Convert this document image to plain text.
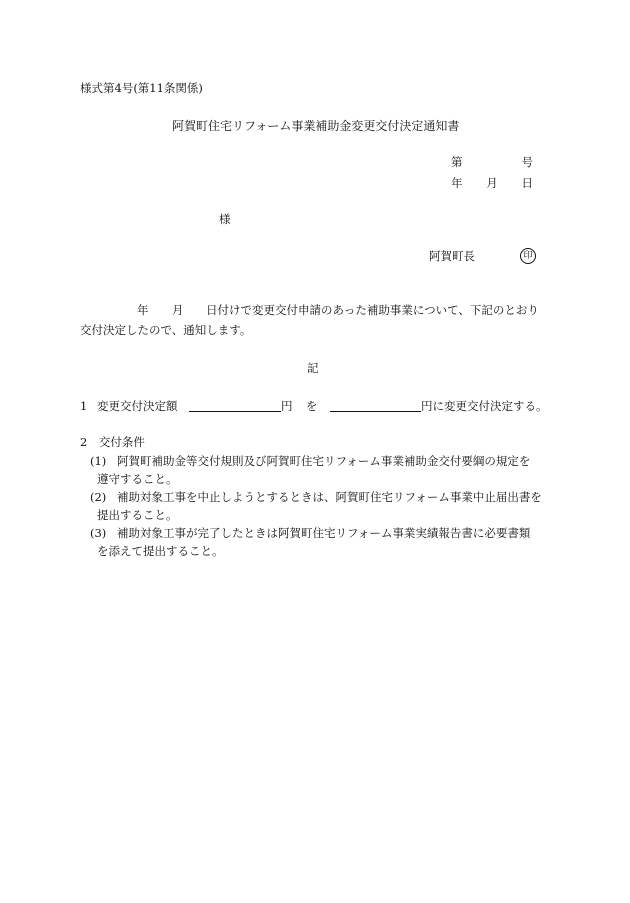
様式第4号(第11条関係)
阿賀町住宅リフォーム事業補助金変更交付決定通知書
第	号
年 月 日
様
阿賀町長	印
年 月 日付けで変更交付申請のあった補助事業について、下記のとおり
交付決定したので、通知します。
記
1 変更交付決定額	円 を	円に変更交付決定する。
2　交付条件
(1) 阿賀町補助金等交付規則及び阿賀町住宅リフォーム事業補助金交付要綱の規定を
遵守すること。
(2) 補助対象工事を中止しようとするときは、阿賀町住宅リフォーム事業中止届出書を
提出すること。
(3) 補助対象工事が完了したときは阿賀町住宅リフォーム事業実績報告書に必要書類
を添えて提出すること。
